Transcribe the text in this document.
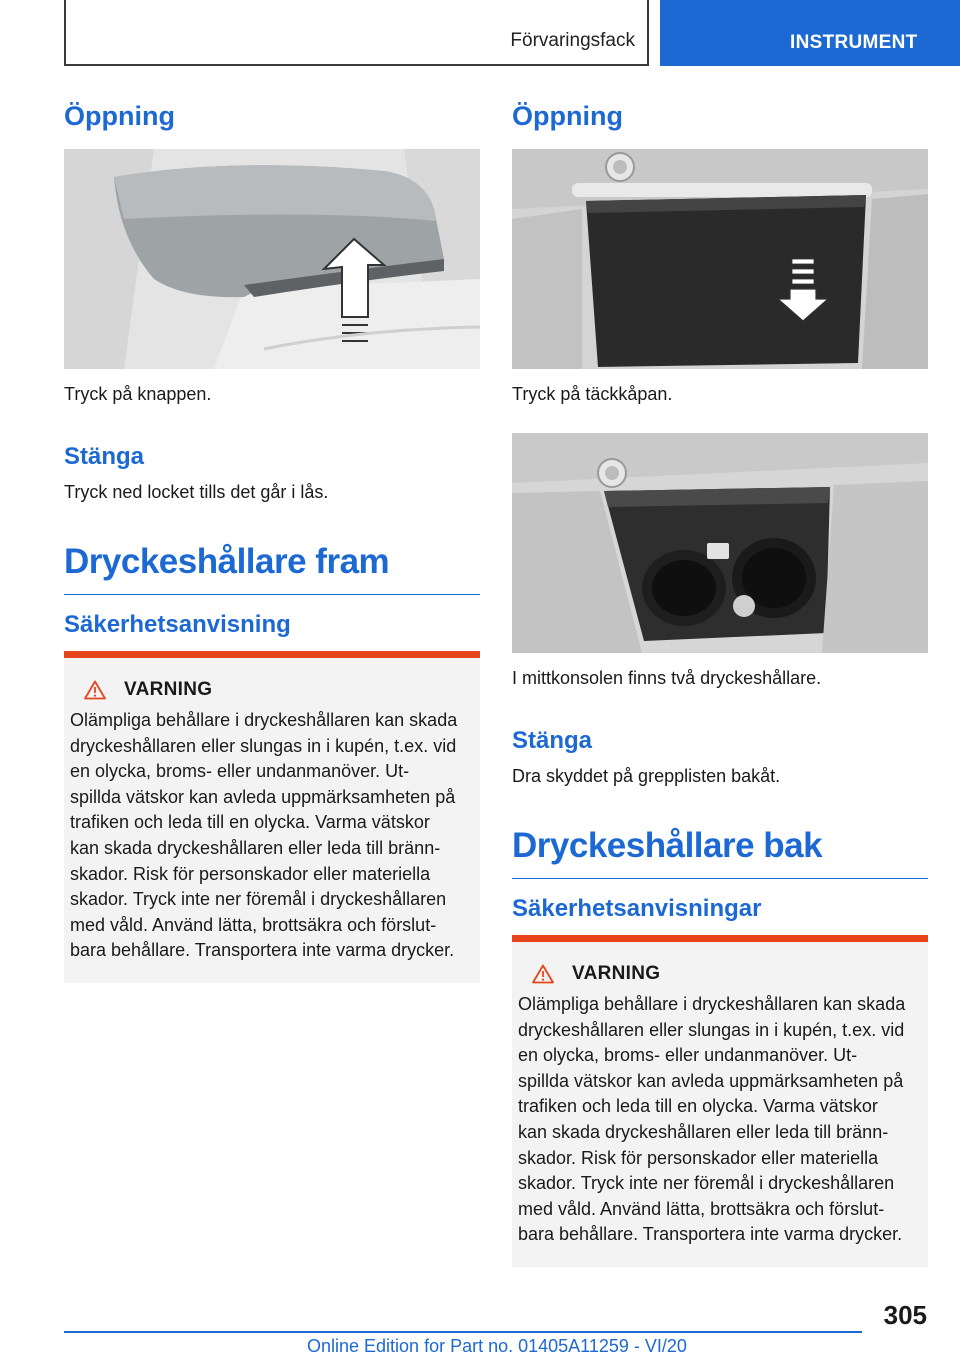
Förvaringsfack	INSTRUMENT
Öppning
Tryck på knappen.
Stänga
Tryck ned locket tills det går i lås.
Dryckeshållare fram
Säkerhetsanvisning
VARNING
Olämpliga behållare i dryckeshållaren kan skada
dryckeshållaren eller slungas in i kupén, t.ex. vid
en olycka, broms- eller undanmanöver. Ut-
spillda vätskor kan avleda uppmärksamheten på
trafiken och leda till en olycka. Varma vätskor
kan skada dryckeshållaren eller leda till bränn-
skador. Risk för personskador eller materiella
skador. Tryck inte ner föremål i dryckeshållaren
med våld. Använd lätta, brottsäkra och förslut-
bara behållare. Transportera inte varma drycker.
Öppning
Tryck på täckkåpan.
I mittkonsolen finns två dryckeshållare.
Stänga
Dra skyddet på grepplisten bakåt.
Dryckeshållare bak
Säkerhetsanvisningar
VARNING
Olämpliga behållare i dryckeshållaren kan skada
dryckeshållaren eller slungas in i kupén, t.ex. vid
en olycka, broms- eller undanmanöver. Ut-
spillda vätskor kan avleda uppmärksamheten på
trafiken och leda till en olycka. Varma vätskor
kan skada dryckeshållaren eller leda till bränn-
skador. Risk för personskador eller materiella
skador. Tryck inte ner föremål i dryckeshållaren
med våld. Använd lätta, brottsäkra och förslut-
bara behållare. Transportera inte varma drycker.
305
Online Edition for Part no. 01405A11259 - VI/20
